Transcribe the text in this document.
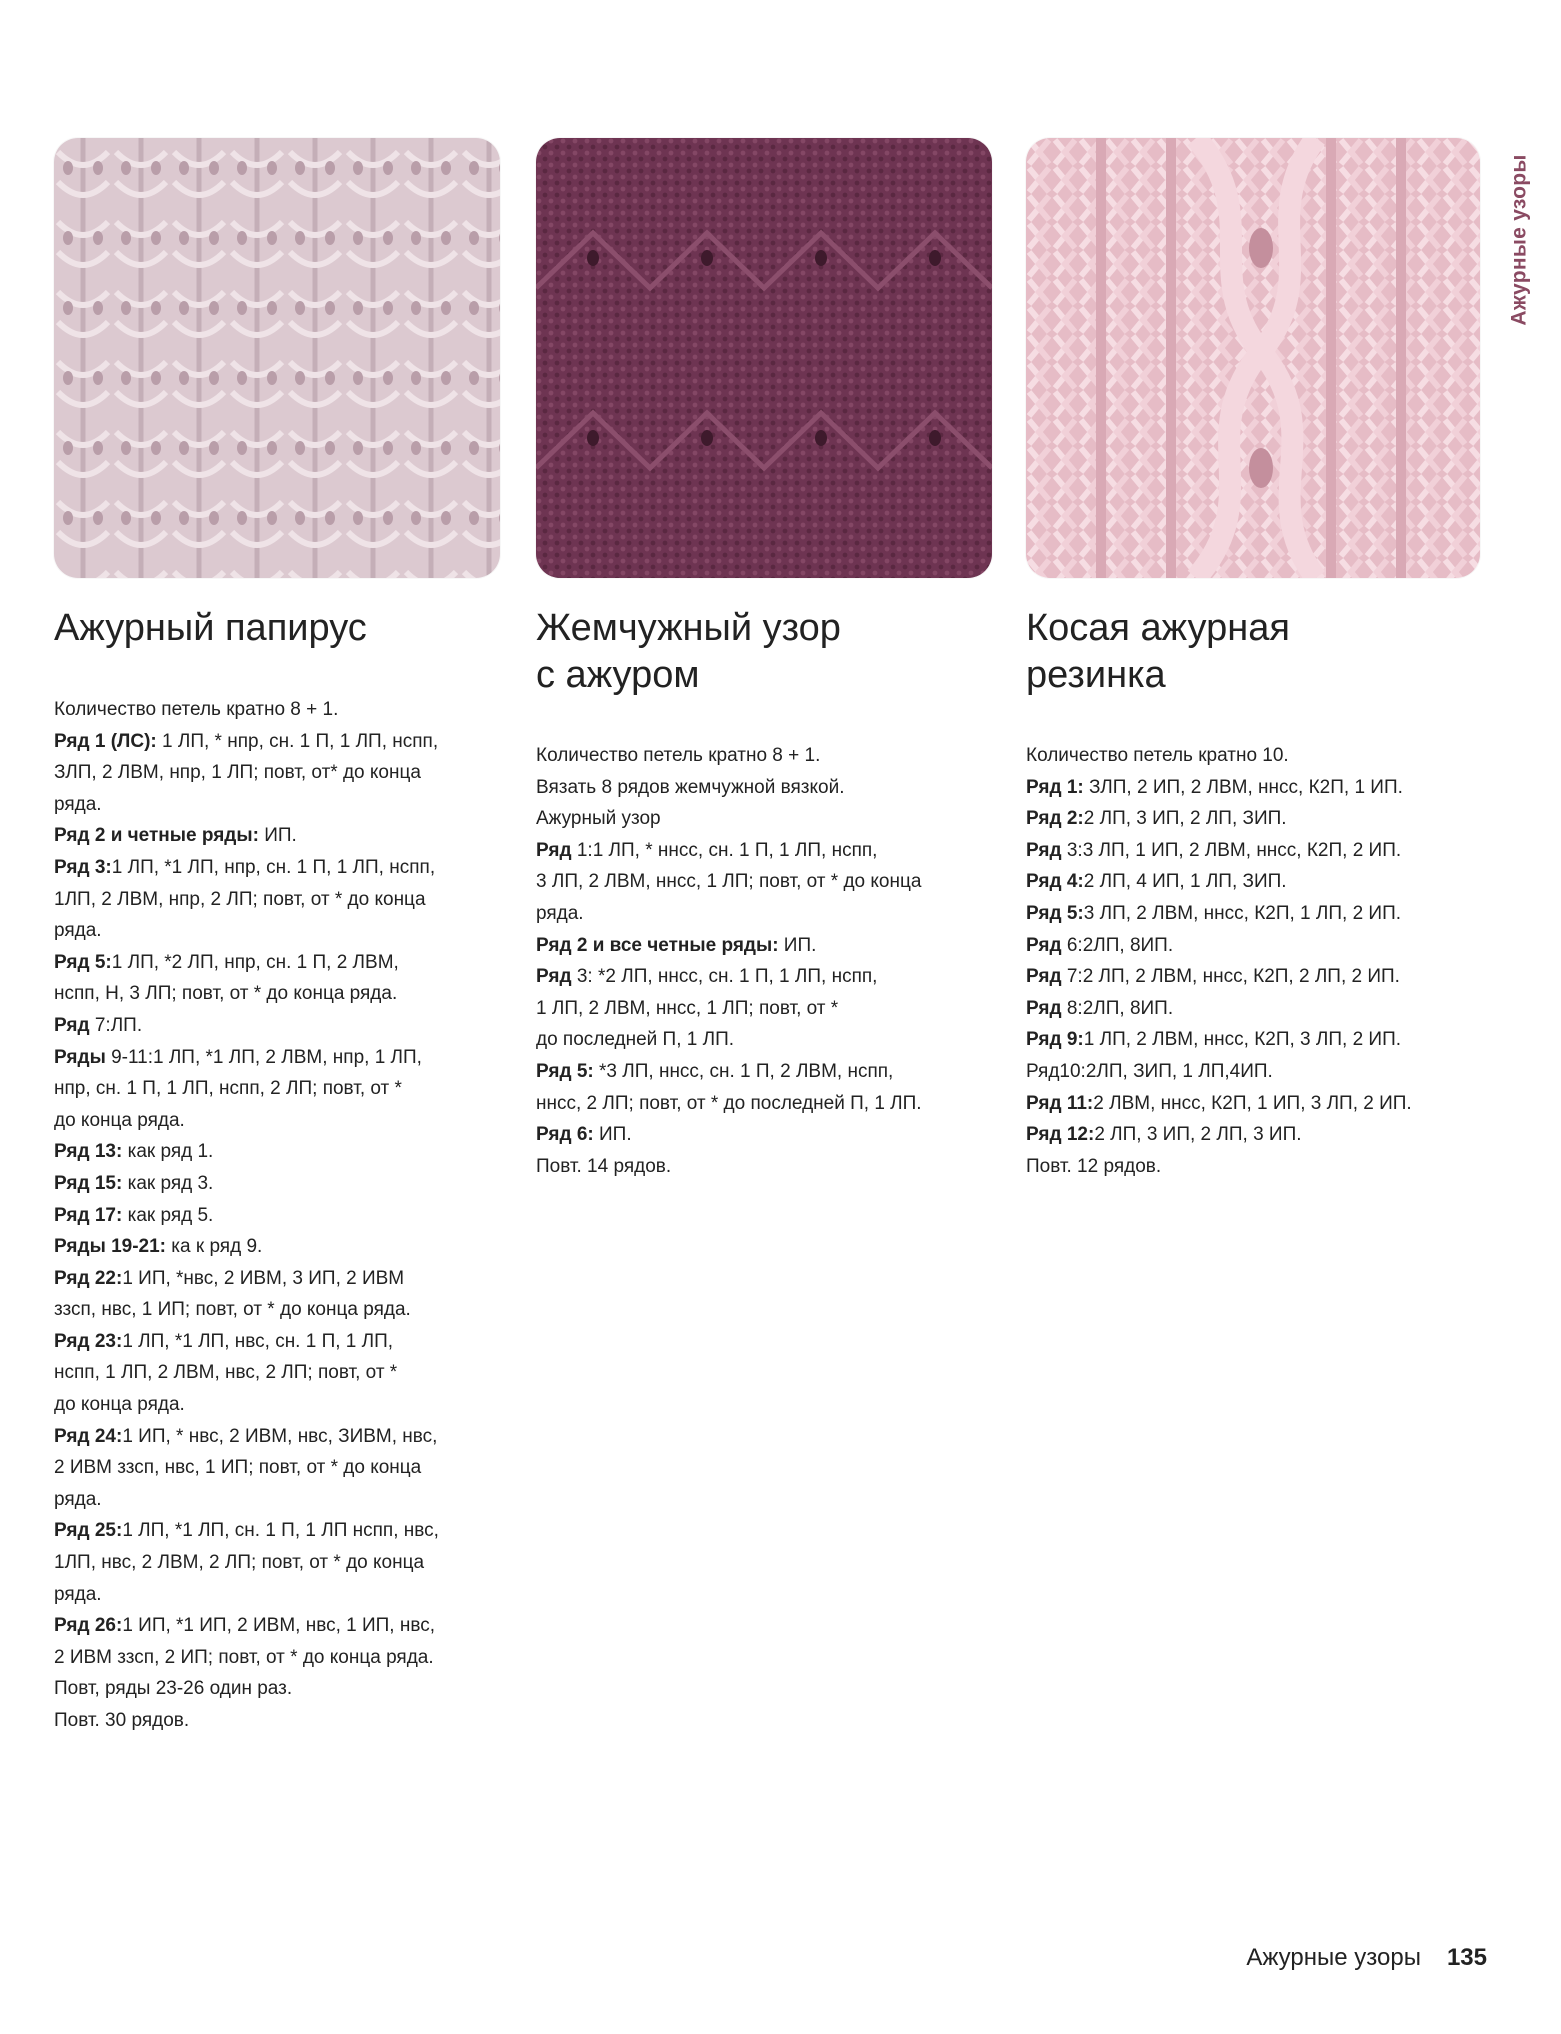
Ажурные узоры
Ажурный папирус
Количество петель кратно 8 + 1.
Ряд 1 (ЛС): 1 ЛП, * нпр, сн. 1 П, 1 ЛП, нспп,
ЗЛП, 2 ЛВМ, нпр, 1 ЛП; повт, от* до конца
ряда.
Ряд 2 и четные ряды: ИП.
Ряд 3:1 ЛП, *1 ЛП, нпр, сн. 1 П, 1 ЛП, нспп,
1ЛП, 2 ЛВМ, нпр, 2 ЛП; повт, от * до конца
ряда.
Ряд 5:1 ЛП, *2 ЛП, нпр, сн. 1 П, 2 ЛВМ,
нспп, Н, 3 ЛП; повт, от * до конца ряда.
Ряд 7:ЛП.
Ряды 9-11:1 ЛП, *1 ЛП, 2 ЛВМ, нпр, 1 ЛП,
нпр, сн. 1 П, 1 ЛП, нспп, 2 ЛП; повт, от *
до конца ряда.
Ряд 13: как ряд 1.
Ряд 15: как ряд 3.
Ряд 17: как ряд 5.
Ряды 19-21: ка к ряд 9.
Ряд 22:1 ИП, *нвс, 2 ИВМ, 3 ИП, 2 ИВМ
ззсп, нвс, 1 ИП; повт, от * до конца ряда.
Ряд 23:1 ЛП, *1 ЛП, нвс, сн. 1 П, 1 ЛП,
нспп, 1 ЛП, 2 ЛВМ, нвс, 2 ЛП; повт, от *
до конца ряда.
Ряд 24:1 ИП, * нвс, 2 ИВМ, нвс, ЗИВМ, нвс,
2 ИВМ ззсп, нвс, 1 ИП; повт, от * до конца
ряда.
Ряд 25:1 ЛП, *1 ЛП, сн. 1 П, 1 ЛП нспп, нвс,
1ЛП, нвс, 2 ЛВМ, 2 ЛП; повт, от * до конца
ряда.
Ряд 26:1 ИП, *1 ИП, 2 ИВМ, нвс, 1 ИП, нвс,
2 ИВМ ззсп, 2 ИП; повт, от * до конца ряда.
Повт, ряды 23-26 один раз.
Повт. 30 рядов.
Жемчужный узор
с ажуром
Количество петель кратно 8 + 1.
Вязать 8 рядов жемчужной вязкой.
Ажурный узор
Ряд 1:1 ЛП, * ннсс, сн. 1 П, 1 ЛП, нспп,
3 ЛП, 2 ЛВМ, ннсс, 1 ЛП; повт, от * до конца
ряда.
Ряд 2 и все четные ряды: ИП.
Ряд 3: *2 ЛП, ннсс, сн. 1 П, 1 ЛП, нспп,
1 ЛП, 2 ЛВМ, ннсс, 1 ЛП; повт, от *
до последней П, 1 ЛП.
Ряд 5: *3 ЛП, ннсс, сн. 1 П, 2 ЛВМ, нспп,
ннсс, 2 ЛП; повт, от * до последней П, 1 ЛП.
Ряд 6: ИП.
Повт. 14 рядов.
Косая ажурная
резинка
Количество петель кратно 10.
Ряд 1: ЗЛП, 2 ИП, 2 ЛВМ, ннсс, К2П, 1 ИП.
Ряд 2:2 ЛП, 3 ИП, 2 ЛП, ЗИП.
Ряд 3:3 ЛП, 1 ИП, 2 ЛВМ, ннсс, К2П, 2 ИП.
Ряд 4:2 ЛП, 4 ИП, 1 ЛП, ЗИП.
Ряд 5:3 ЛП, 2 ЛВМ, ннсс, К2П, 1 ЛП, 2 ИП.
Ряд 6:2ЛП, 8ИП.
Ряд 7:2 ЛП, 2 ЛВМ, ннсс, К2П, 2 ЛП, 2 ИП.
Ряд 8:2ЛП, 8ИП.
Ряд 9:1 ЛП, 2 ЛВМ, ннсс, К2П, 3 ЛП, 2 ИП.
Ряд10:2ЛП, ЗИП, 1 ЛП,4ИП.
Ряд 11:2 ЛВМ, ннсс, К2П, 1 ИП, 3 ЛП, 2 ИП.
Ряд 12:2 ЛП, 3 ИП, 2 ЛП, 3 ИП.
Повт. 12 рядов.
Ажурные узоры 135
